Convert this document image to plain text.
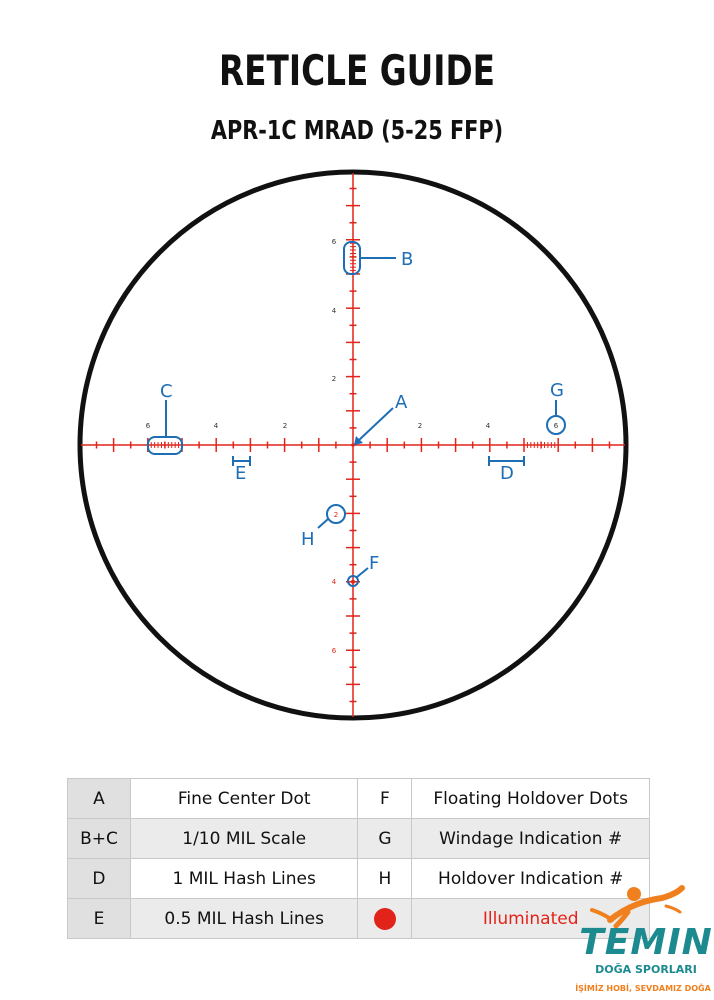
RETICLE GUIDE
APR-1C MRAD (5-25 FFP)
6	4	2	2	4
6
4
2
4
6
6
2
B
C
A
D
E
G
H
F
A	Fine Center Dot	F	Floating Holdover Dots
B+C	1/10 MIL Scale	G	Windage Indication #
D	1 MIL Hash Lines	H	Holdover Indication #
E	0.5 MIL Hash Lines		Illuminated
TEMIN
DOĞA SPORLARI
İŞİMİZ HOBİ, SEVDAMIZ DOĞA
